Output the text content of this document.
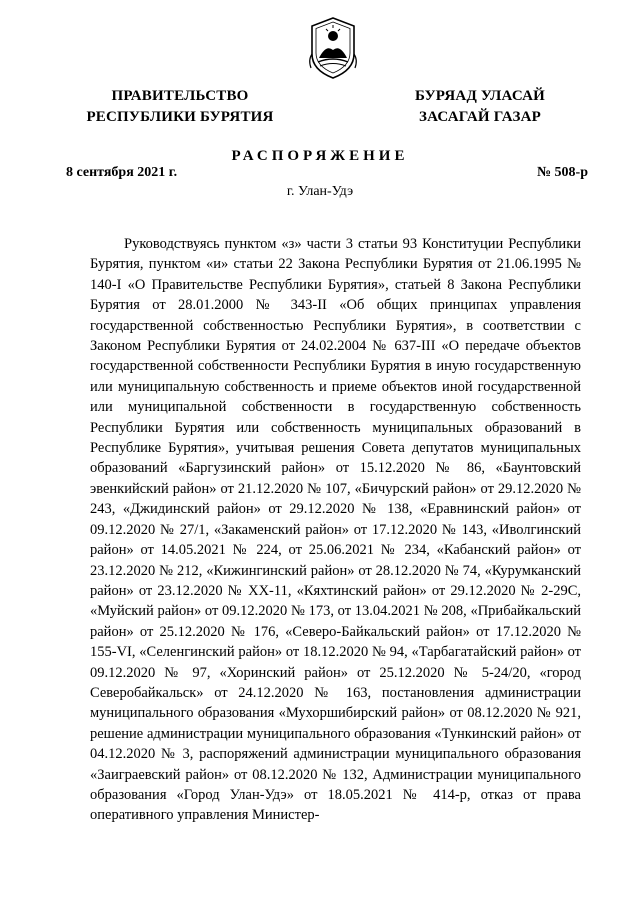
ПРАВИТЕЛЬСТВО
РЕСПУБЛИКИ БУРЯТИЯ
БУРЯАД УЛАСАЙ
ЗАСАГАЙ ГАЗАР
РАСПОРЯЖЕНИЕ
8 сентября 2021 г.	№ 508-р
г. Улан-Удэ
Руководствуясь пунктом «з» части 3 статьи 93 Конституции Республики Бурятия, пунктом «и» статьи 22 Закона Республики Бурятия от 21.06.1995 № 140-I «О Правительстве Республики Бурятия», статьей 8 Закона Республики Бурятия от 28.01.2000 № 343-II «Об общих принципах управления государственной собственностью Республики Бурятия», в соответствии с Законом Республики Бурятия от 24.02.2004 № 637-III «О передаче объектов государственной собственности Республики Бурятия в иную государственную или муниципальную собственность и приеме объектов иной государственной или муниципальной собственности в государственную собственность Республики Бурятия или собственность муниципальных образований в Республике Бурятия», учитывая решения Совета депутатов муниципальных образований «Баргузинский район» от 15.12.2020 № 86, «Баунтовский эвенкийский район» от 21.12.2020 № 107, «Бичурский район» от 29.12.2020 № 243, «Джидинский район» от 29.12.2020 № 138, «Еравнинский район» от 09.12.2020 № 27/1, «Закаменский район» от 17.12.2020 № 143, «Иволгинский район» от 14.05.2021 № 224, от 25.06.2021 № 234, «Кабанский район» от 23.12.2020 № 212, «Кижингинский район» от 28.12.2020 № 74, «Курумканский район» от 23.12.2020 № XX-11, «Кяхтинский район» от 29.12.2020 № 2-29С, «Муйский район» от 09.12.2020 № 173, от 13.04.2021 № 208, «Прибайкальский район» от 25.12.2020 № 176, «Северо-Байкальский район» от 17.12.2020 № 155-VI, «Селенгинский район» от 18.12.2020 № 94, «Тарбагатайский район» от 09.12.2020 № 97, «Хоринский район» от 25.12.2020 № 5-24/20, «город Северобайкальск» от 24.12.2020 № 163, постановления администрации муниципального образования «Мухоршибирский район» от 08.12.2020 № 921, решение администрации муниципального образования «Тункинский район» от 04.12.2020 № 3, распоряжений администрации муниципального образования «Заиграевский район» от 08.12.2020 № 132, Администрации муниципального образования «Город Улан-Удэ» от 18.05.2021 № 414-р, отказ от права оперативного управления Министер-
